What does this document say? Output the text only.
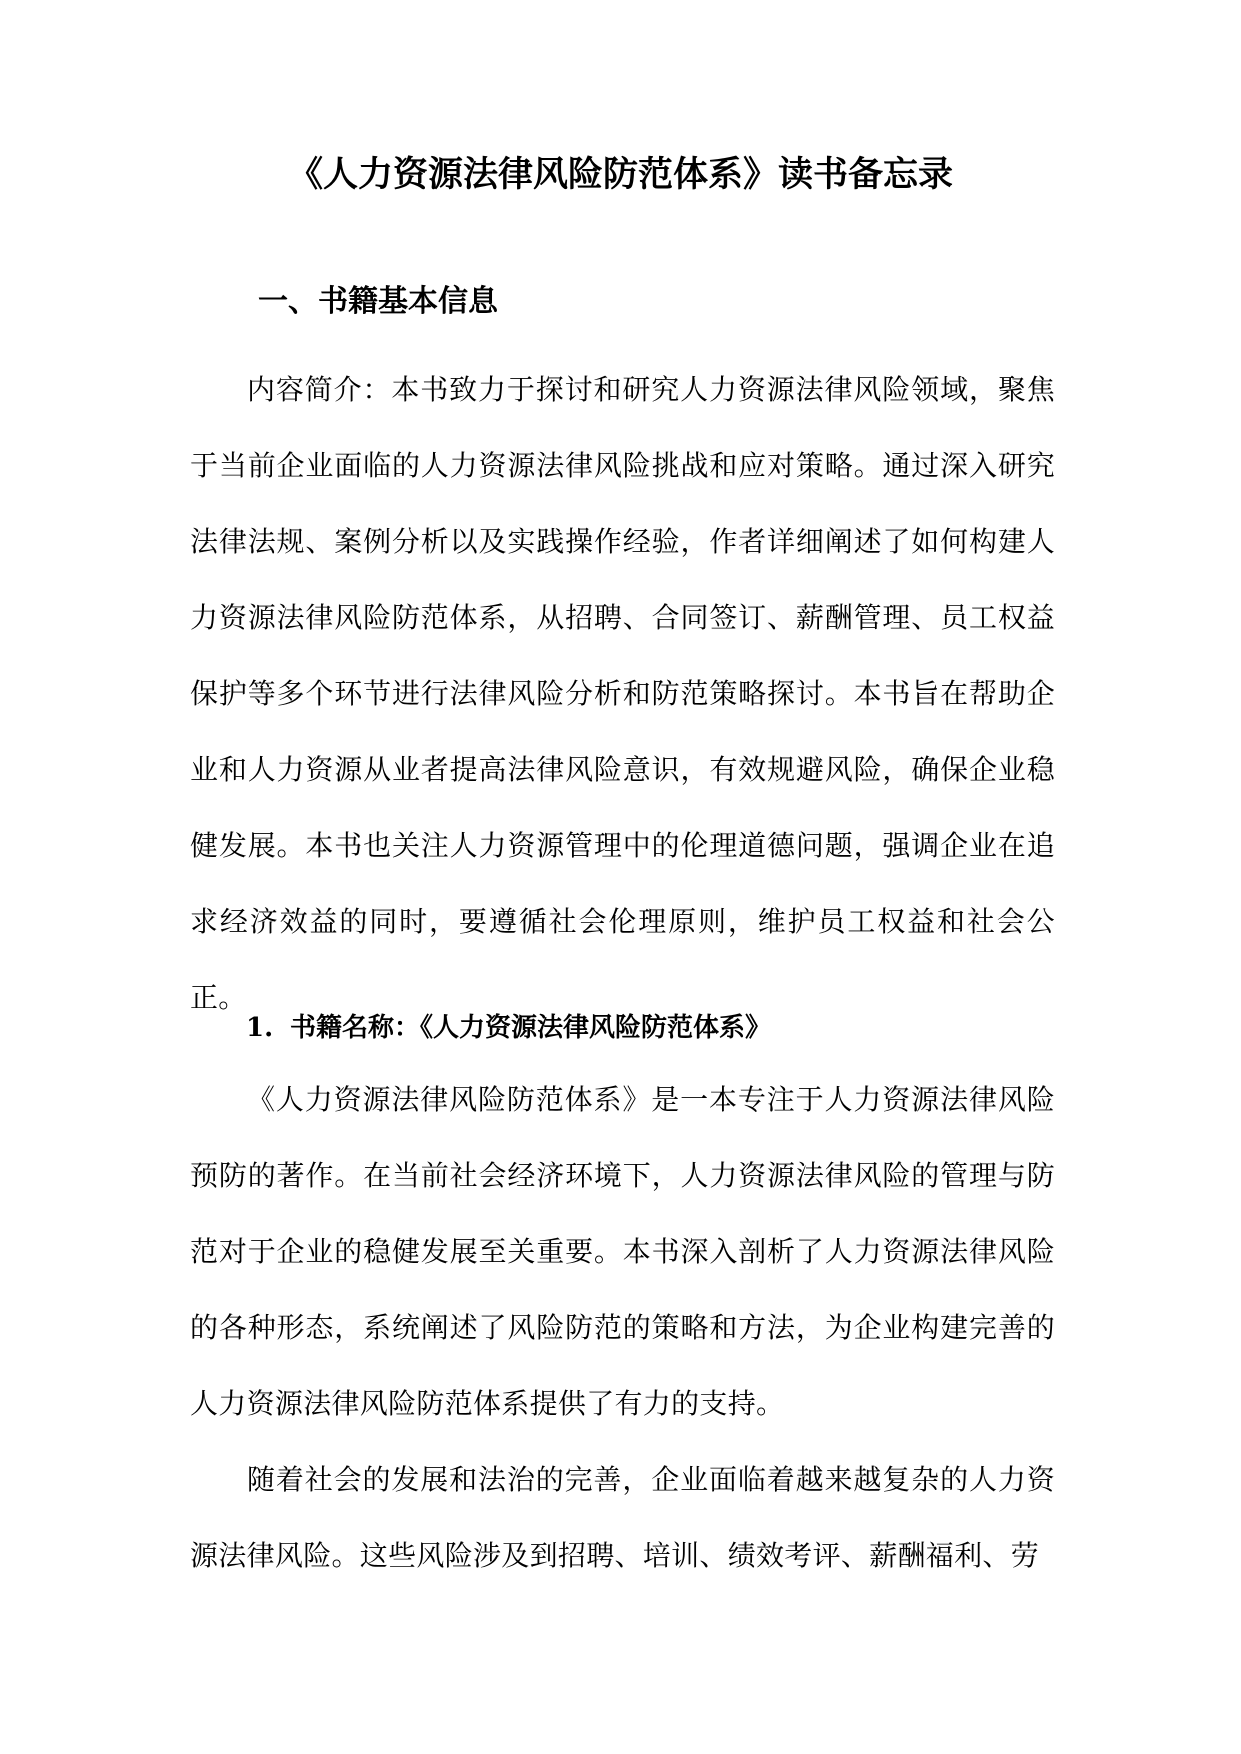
《人力资源法律风险防范体系》读书备忘录
一、书籍基本信息

内容简介：本书致力于探讨和研究人力资源法律风险领域，聚焦于当前企业面临的人力资源法律风险挑战和应对策略。通过深入研究法律法规、案例分析以及实践操作经验，作者详细阐述了如何构建人力资源法律风险防范体系，从招聘、合同签订、薪酬管理、员工权益保护等多个环节进行法律风险分析和防范策略探讨。本书旨在帮助企业和人力资源从业者提高法律风险意识，有效规避风险，确保企业稳健发展。本书也关注人力资源管理中的伦理道德问题，强调企业在追求经济效益的同时，要遵循社会伦理原则，维护员工权益和社会公正。

1. 书籍名称：《人力资源法律风险防范体系》

《人力资源法律风险防范体系》是一本专注于人力资源法律风险预防的著作。在当前社会经济环境下，人力资源法律风险的管理与防范对于企业的稳健发展至关重要。本书深入剖析了人力资源法律风险的各种形态，系统阐述了风险防范的策略和方法，为企业构建完善的人力资源法律风险防范体系提供了有力的支持。

随着社会的发展和法治的完善，企业面临着越来越复杂的人力资源法律风险。这些风险涉及到招聘、培训、绩效考评、薪酬福利、劳
